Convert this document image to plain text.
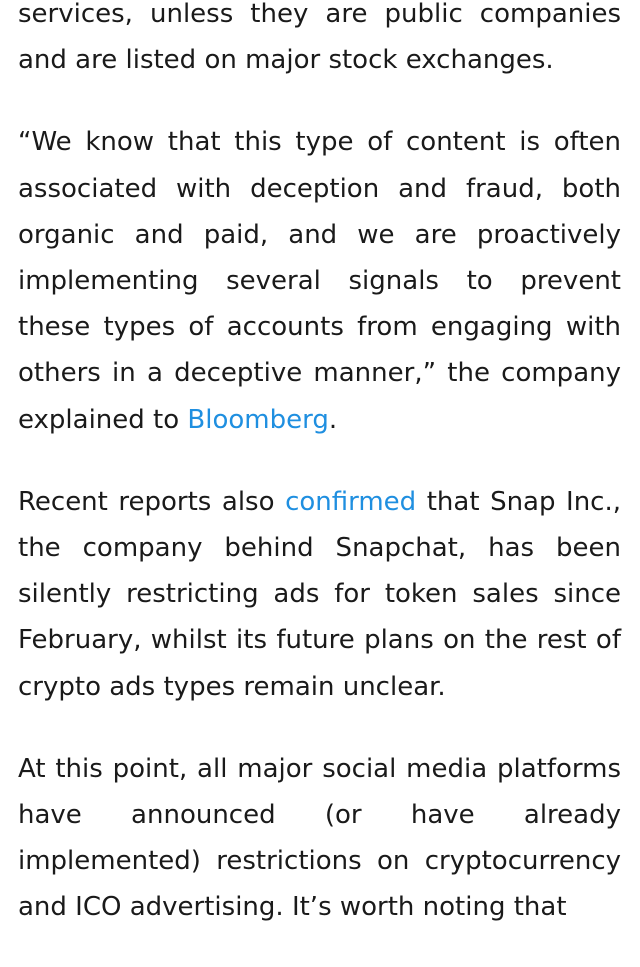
services, unless they are public companies and are listed on major stock exchanges.

“We know that this type of content is often associated with deception and fraud, both organic and paid, and we are proactively implementing several signals to prevent these types of accounts from engaging with others in a deceptive manner,” the company explained to Bloomberg.

Recent reports also confirmed that Snap Inc., the company behind Snapchat, has been silently restricting ads for token sales since February, whilst its future plans on the rest of crypto ads types remain unclear.

At this point, all major social media platforms have announced (or have already implemented) restrictions on cryptocurrency and ICO advertising. It’s worth noting that
